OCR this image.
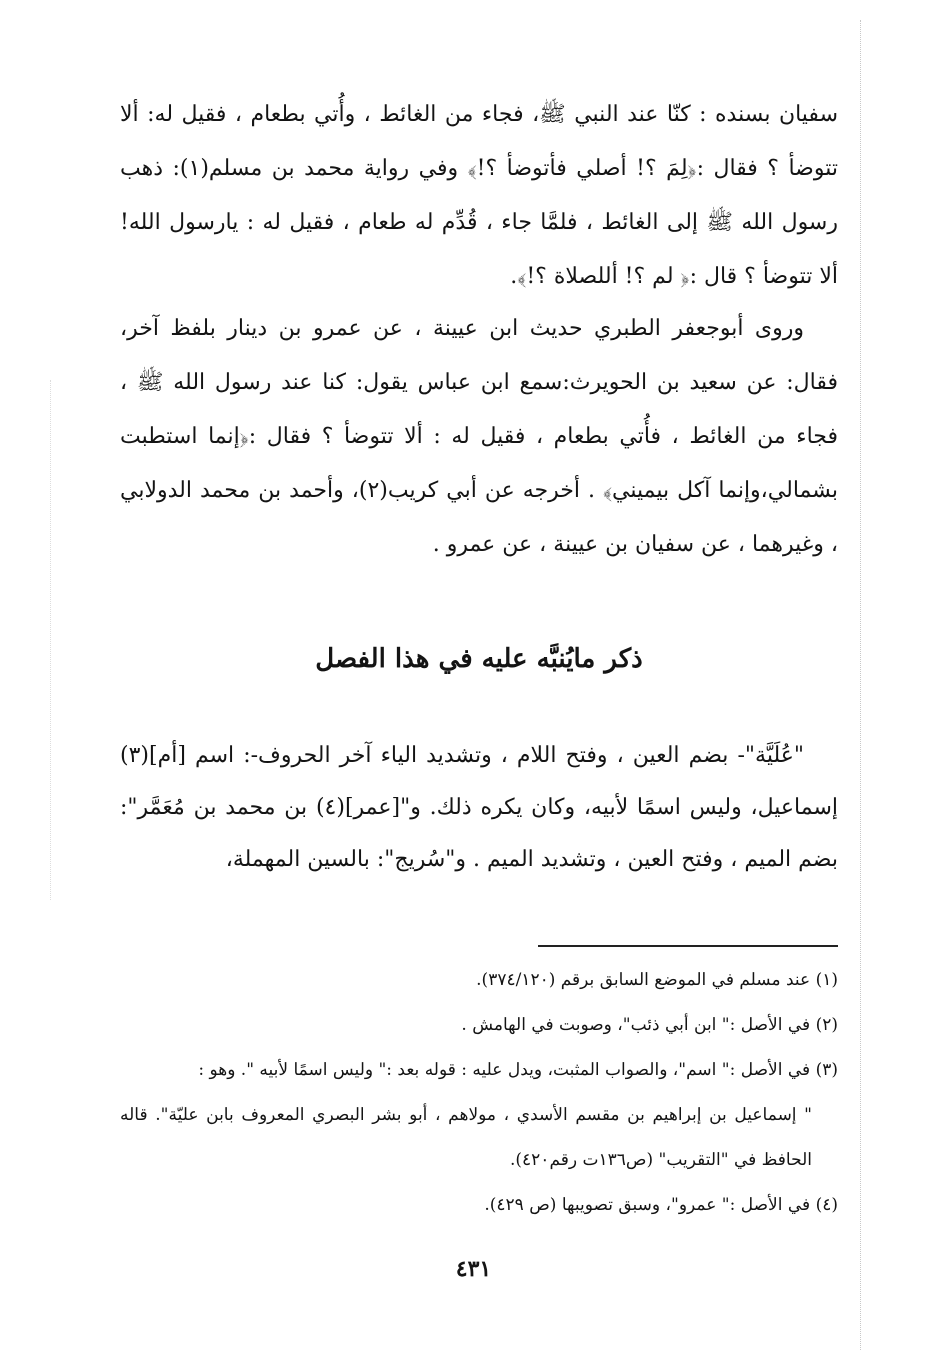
سفيان بسنده : كنّا عند النبي ﷺ، فجاء من الغائط ، وأُتي بطعام ، فقيل له: ألا تتوضأ ؟ فقال :﴿لِمَ ؟! أصلي فأتوضأ ؟!﴾ وفي رواية محمد بن مسلم(١): ذهب رسول الله ﷺ إلى الغائط ، فلمَّا جاء ، قُدِّم له طعام ، فقيل له : يارسول الله! ألا تتوضأ ؟ قال :﴿ لم ؟! أللصلاة ؟!﴾.

وروى أبوجعفر الطبري حديث ابن عيينة ، عن عمرو بن دينار بلفظ آخر، فقال: عن سعيد بن الحويرث:سمع ابن عباس يقول: كنا عند رسول الله ﷺ ، فجاء من الغائط ، فأُتي بطعام ، فقيل له : ألا تتوضأ ؟ فقال :﴿إنما استطبت بشمالي،وإنما آكل بيميني﴾ . أخرجه عن أبي كريب(٢)، وأحمد بن محمد الدولابي ، وغيرهما ، عن سفيان بن عيينة ، عن عمرو .

ذكر مايُنبَّه عليه في هذا الفصل

"عُلَيَّة"- بضم العين ، وفتح اللام ، وتشديد الياء آخر الحروف-: اسم [أم](٣) إسماعيل، وليس اسمًا لأبيه، وكان يكره ذلك. و"[عمر](٤) بن محمد بن مُعَمَّر": بضم الميم ، وفتح العين ، وتشديد الميم . و"سُريج": بالسين المهملة،

(١) عند مسلم في الموضع السابق برقم (٣٧٤/١٢٠).

(٢) في الأصل :" ابن أبي ذئب"، وصوبت في الهامش .

(٣) في الأصل :" اسم"، والصواب المثبت، ويدل عليه : قوله بعد :" وليس اسمًا لأبيه ". وهو :

" إسماعيل بن إبراهيم بن مقسم الأسدي ، مولاهم ، أبو بشر البصري المعروف بابن عليّة". قاله الحافظ في "التقريب" (ص١٣٦ت رقم٤٢٠).

(٤) في الأصل :" عمرو"، وسبق تصويبها (ص ٤٢٩).

٤٣١
